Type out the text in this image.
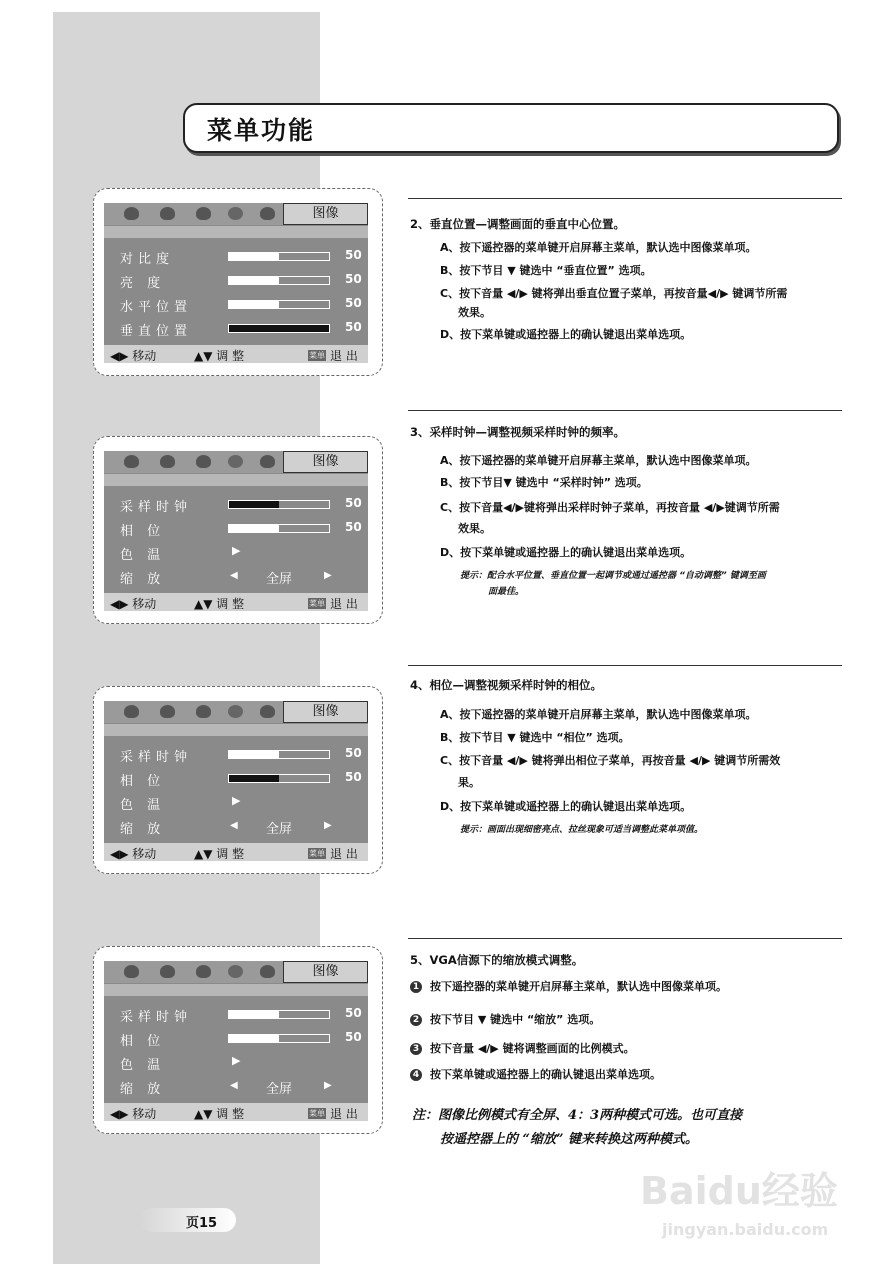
菜单功能
图像
对比度	50
亮 度	50
水平位置	50
垂直位置	50
◀▶ 移动	▲▼ 调 整	菜单 退 出
图像
采样时钟	50
相 位	50
色 温	▶
缩 放	◀ 全屏	▶
◀▶ 移动	▲▼ 调 整	菜单 退 出
图像
采样时钟	50
相 位	50
色 温	▶
缩 放	◀ 全屏	▶
◀▶ 移动	▲▼ 调 整	菜单 退 出
图像
采样时钟	50
相 位	50
色 温	▶
缩 放	◀ 全屏	▶
◀▶ 移动	▲▼ 调 整	菜单 退 出
2、垂直位置—调整画面的垂直中心位置。
A、按下遥控器的菜单键开启屏幕主菜单，默认选中图像菜单项。
B、按下节目 ▼ 键选中 “垂直位置” 选项。
C、按下音量 ◀/▶ 键将弹出垂直位置子菜单，再按音量◀/▶ 键调节所需
效果。
D、按下菜单键或遥控器上的确认键退出菜单选项。
3、采样时钟—调整视频采样时钟的频率。
A、按下遥控器的菜单键开启屏幕主菜单，默认选中图像菜单项。
B、按下节目▼ 键选中 “采样时钟” 选项。
C、按下音量◀/▶键将弹出采样时钟子菜单，再按音量 ◀/▶键调节所需
效果。
D、按下菜单键或遥控器上的确认键退出菜单选项。
提示：配合水平位置、垂直位置一起调节或通过遥控器 “自动调整” 键调至画
面最佳。
4、相位—调整视频采样时钟的相位。
A、按下遥控器的菜单键开启屏幕主菜单，默认选中图像菜单项。
B、按下节目 ▼ 键选中 “相位” 选项。
C、按下音量 ◀/▶ 键将弹出相位子菜单，再按音量 ◀/▶ 键调节所需效
果。
D、按下菜单键或遥控器上的确认键退出菜单选项。
提示：画面出现细密亮点、拉丝现象可适当调整此菜单项值。
5、VGA信源下的缩放模式调整。
1 按下遥控器的菜单键开启屏幕主菜单，默认选中图像菜单项。
2 按下节目 ▼ 键选中 “缩放” 选项。
3 按下音量 ◀/▶ 键将调整画面的比例模式。
4 按下菜单键或遥控器上的确认键退出菜单选项。
注：图像比例模式有全屏、4：3两种模式可选。也可直接
按遥控器上的 “缩放” 键来转换这两种模式。
页15
Baidu经验
jingyan.baidu.com
